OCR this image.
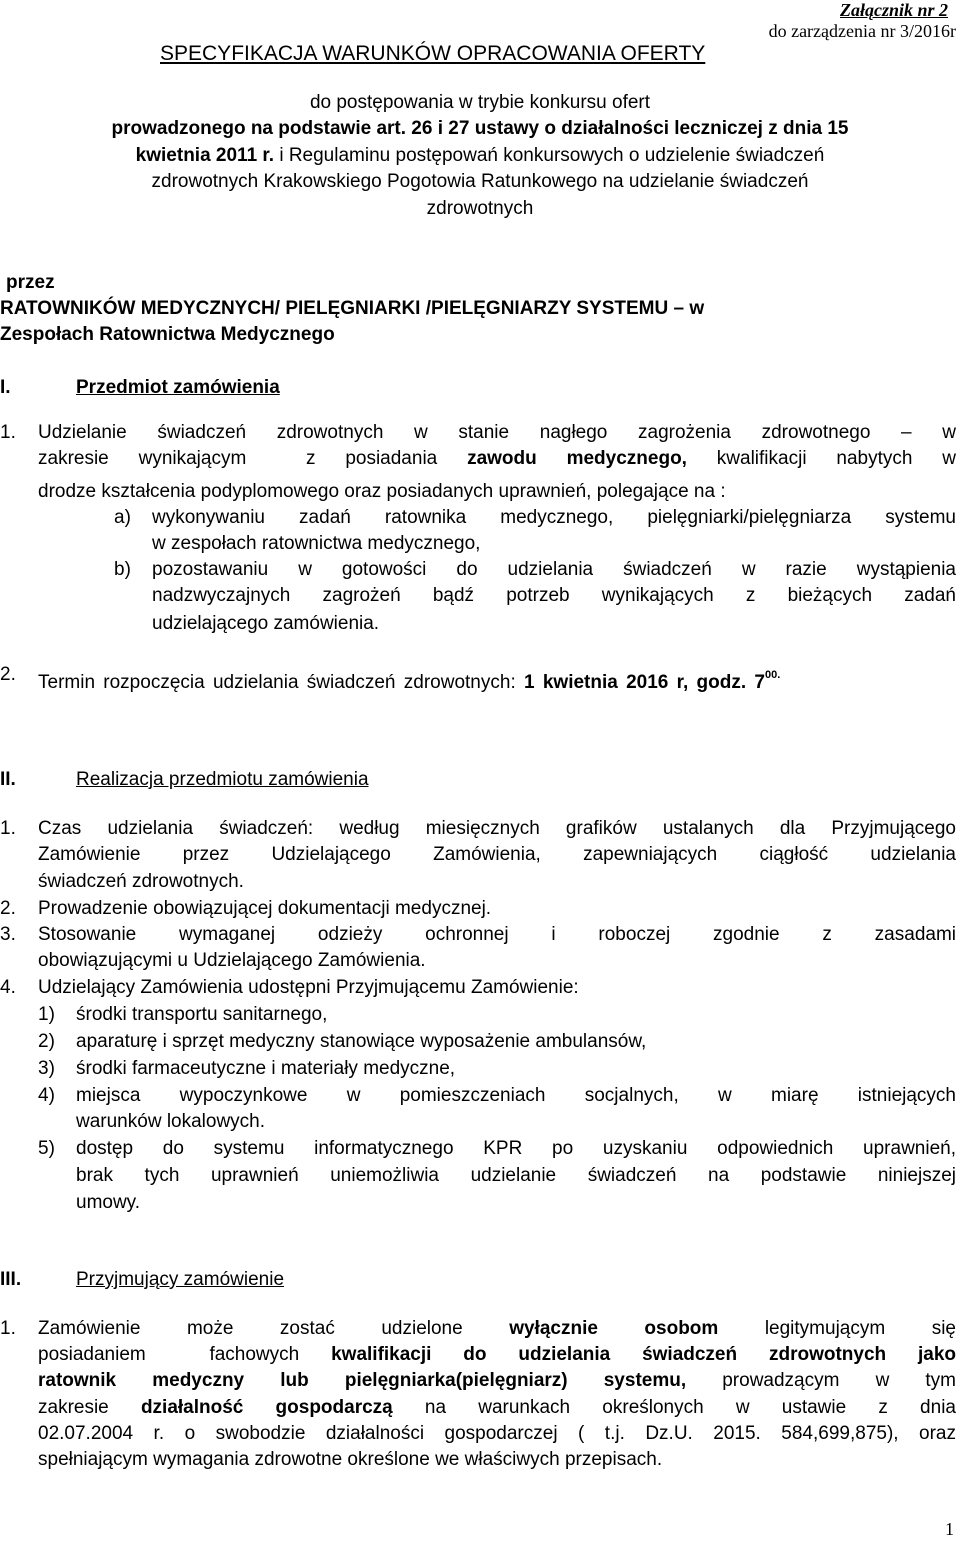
Załącznik nr 2
do zarządzenia nr 3/2016r
SPECYFIKACJA WARUNKÓW OPRACOWANIA OFERTY
do postępowania w trybie konkursu ofert
prowadzonego na podstawie art. 26 i 27 ustawy o działalności leczniczej z dnia 15
kwietnia 2011 r. i Regulaminu postępowań konkursowych o udzielenie świadczeń
zdrowotnych Krakowskiego Pogotowia Ratunkowego na udzielanie świadczeń
zdrowotnych
przez
RATOWNIKÓW MEDYCZNYCH/ PIELĘGNIARKI /PIELĘGNIARZY SYSTEMU – w
Zespołach Ratownictwa Medycznego
I.	Przedmiot zamówienia
1. Udzielanie świadczeń zdrowotnych w stanie nagłego zagrożenia zdrowotnego – w
zakresie wynikającym  z posiadania zawodu medycznego, kwalifikacji nabytych w
drodze kształcenia podyplomowego oraz posiadanych uprawnień, polegające na :
a) wykonywaniu zadań ratownika medycznego, pielęgniarki/pielęgniarza systemu
w zespołach ratownictwa medycznego,
b) pozostawaniu w gotowości do udzielania świadczeń w razie wystąpienia
nadzwyczajnych zagrożeń bądź potrzeb wynikających z bieżących zadań
udzielającego zamówienia.
2. Termin rozpoczęcia udzielania świadczeń zdrowotnych: 1 kwietnia 2016 r, godz. $7^{00.}$
II.	Realizacja przedmiotu zamówienia
1. Czas udzielania świadczeń: według miesięcznych grafików ustalanych dla Przyjmującego
Zamówienie przez Udzielającego Zamówienia, zapewniających ciągłość udzielania
świadczeń zdrowotnych.
2. Prowadzenie obowiązującej dokumentacji medycznej.
3. Stosowanie wymaganej odzieży ochronnej i roboczej zgodnie z zasadami
obowiązującymi u Udzielającego Zamówienia.
4. Udzielający Zamówienia udostępni Przyjmującemu Zamówienie:
1) środki transportu sanitarnego,
2) aparaturę i sprzęt medyczny stanowiące wyposażenie ambulansów,
3) środki farmaceutyczne i materiały medyczne,
4) miejsca wypoczynkowe w pomieszczeniach socjalnych, w miarę istniejących
warunków lokalowych.
5) dostęp do systemu informatycznego KPR po uzyskaniu odpowiednich uprawnień,
brak tych uprawnień uniemożliwia udzielanie świadczeń na podstawie niniejszej
umowy.
III.	Przyjmujący zamówienie
1. Zamówienie może zostać udzielone wyłącznie osobom legitymującym się
posiadaniem  fachowych kwalifikacji do udzielania świadczeń zdrowotnych jako
ratownik medyczny lub pielęgniarka(pielęgniarz) systemu, prowadzącym w tym
zakresie działalność gospodarczą na warunkach określonych w ustawie z dnia
02.07.2004 r. o swobodzie działalności gospodarczej ( t.j. Dz.U. 2015. 584,699,875), oraz
spełniającym wymagania zdrowotne określone we właściwych przepisach.
1
